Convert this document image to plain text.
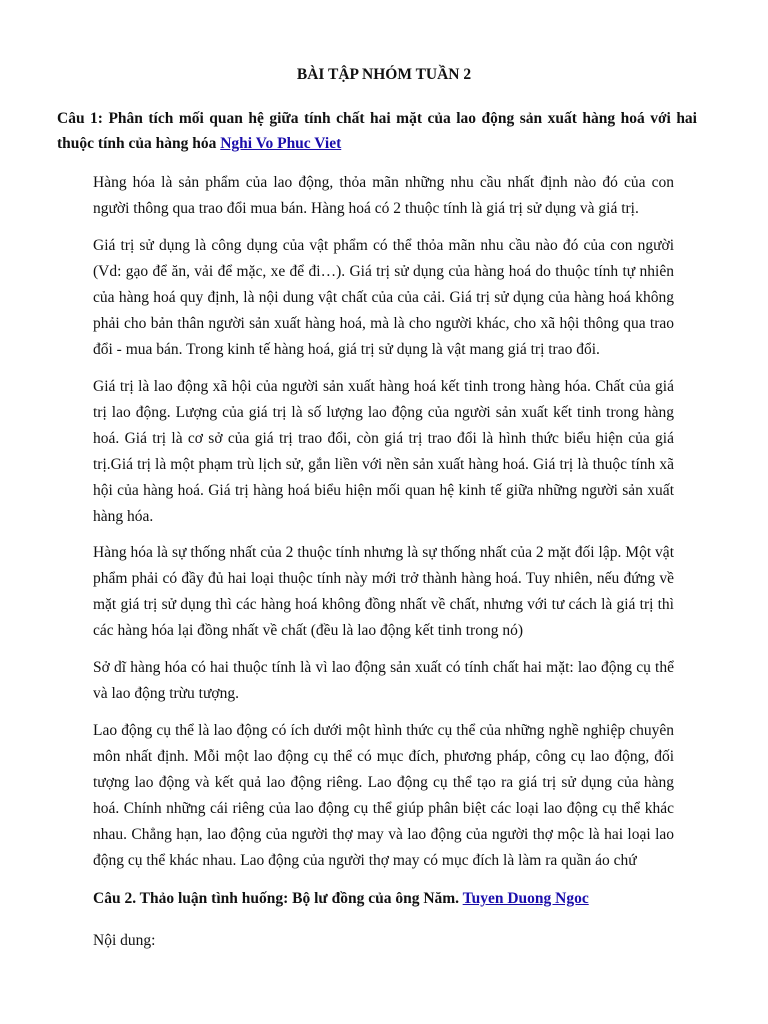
BÀI TẬP NHÓM TUẦN 2

Câu 1: Phân tích mối quan hệ giữa tính chất hai mặt của lao động sản xuất hàng hoá với hai thuộc tính của hàng hóa Nghi Vo Phuc Viet

Hàng hóa là sản phẩm của lao động, thỏa mãn những nhu cầu nhất định nào đó của con người thông qua trao đổi mua bán. Hàng hoá có 2 thuộc tính là giá trị sử dụng và giá trị.

Giá trị sử dụng là công dụng của vật phẩm có thể thỏa mãn nhu cầu nào đó của con người (Vd: gạo để ăn, vải để mặc, xe để đi…). Giá trị sử dụng của hàng hoá do thuộc tính tự nhiên của hàng hoá quy định, là nội dung vật chất của của cải. Giá trị sử dụng của hàng hoá không phải cho bản thân người sản xuất hàng hoá, mà là cho người khác, cho xã hội thông qua trao đổi - mua bán. Trong kinh tế hàng hoá, giá trị sử dụng là vật mang giá trị trao đổi.

Giá trị là lao động xã hội của người sản xuất hàng hoá kết tinh trong hàng hóa. Chất của giá trị lao động. Lượng của giá trị là số lượng lao động của người sản xuất kết tinh trong hàng hoá. Giá trị là cơ sở của giá trị trao đổi, còn giá trị trao đổi là hình thức biểu hiện của giá trị.Giá trị là một phạm trù lịch sử, gắn liền với nền sản xuất hàng hoá. Giá trị là thuộc tính xã hội của hàng hoá. Giá trị hàng hoá biểu hiện mối quan hệ kinh tế giữa những người sản xuất hàng hóa.

Hàng hóa là sự thống nhất của 2 thuộc tính nhưng là sự thống nhất của 2 mặt đối lập. Một vật phẩm phải có đầy đủ hai loại thuộc tính này mới trở thành hàng hoá. Tuy nhiên, nếu đứng về mặt giá trị sử dụng thì các hàng hoá không đồng nhất về chất, nhưng với tư cách là giá trị thì các hàng hóa lại đồng nhất về chất (đều là lao động kết tinh trong nó)

Sở dĩ hàng hóa có hai thuộc tính là vì lao động sản xuất có tính chất hai mặt: lao động cụ thể và lao động trừu tượng.

Lao động cụ thể là lao động có ích dưới một hình thức cụ thể của những nghề nghiệp chuyên môn nhất định. Mỗi một lao động cụ thể có mục đích, phương pháp, công cụ lao động, đối tượng lao động và kết quả lao động riêng. Lao động cụ thể tạo ra giá trị sử dụng của hàng hoá. Chính những cái riêng của lao động cụ thể giúp phân biệt các loại lao động cụ thể khác nhau. Chẳng hạn, lao động của người thợ may và lao động của người thợ mộc là hai loại lao động cụ thể khác nhau. Lao động của người thợ may có mục đích là làm ra quần áo chứ

Câu 2. Thảo luận tình huống: Bộ lư đồng của ông Năm. Tuyen Duong Ngoc

Nội dung:
